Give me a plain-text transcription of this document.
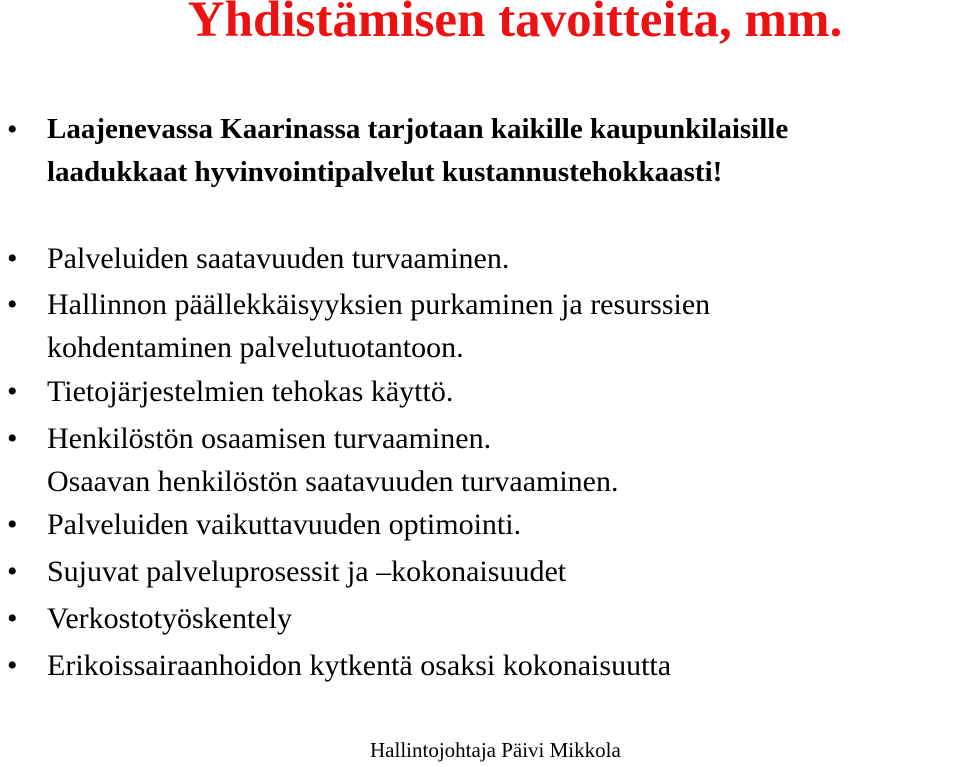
Yhdistämisen tavoitteita, mm.
• Laajenevassa Kaarinassa tarjotaan kaikille kaupunkilaisille
laadukkaat hyvinvointipalvelut kustannustehokkaasti!
• Palveluiden saatavuuden turvaaminen.
• Hallinnon päällekkäisyyksien purkaminen ja resurssien
kohdentaminen palvelutuotantoon.
• Tietojärjestelmien tehokas käyttö.
• Henkilöstön osaamisen turvaaminen.
Osaavan henkilöstön saatavuuden turvaaminen.
• Palveluiden vaikuttavuuden optimointi.
• Sujuvat palveluprosessit ja –kokonaisuudet
• Verkostotyöskentely
• Erikoissairaanhoidon kytkentä osaksi kokonaisuutta
Hallintojohtaja Päivi Mikkola
